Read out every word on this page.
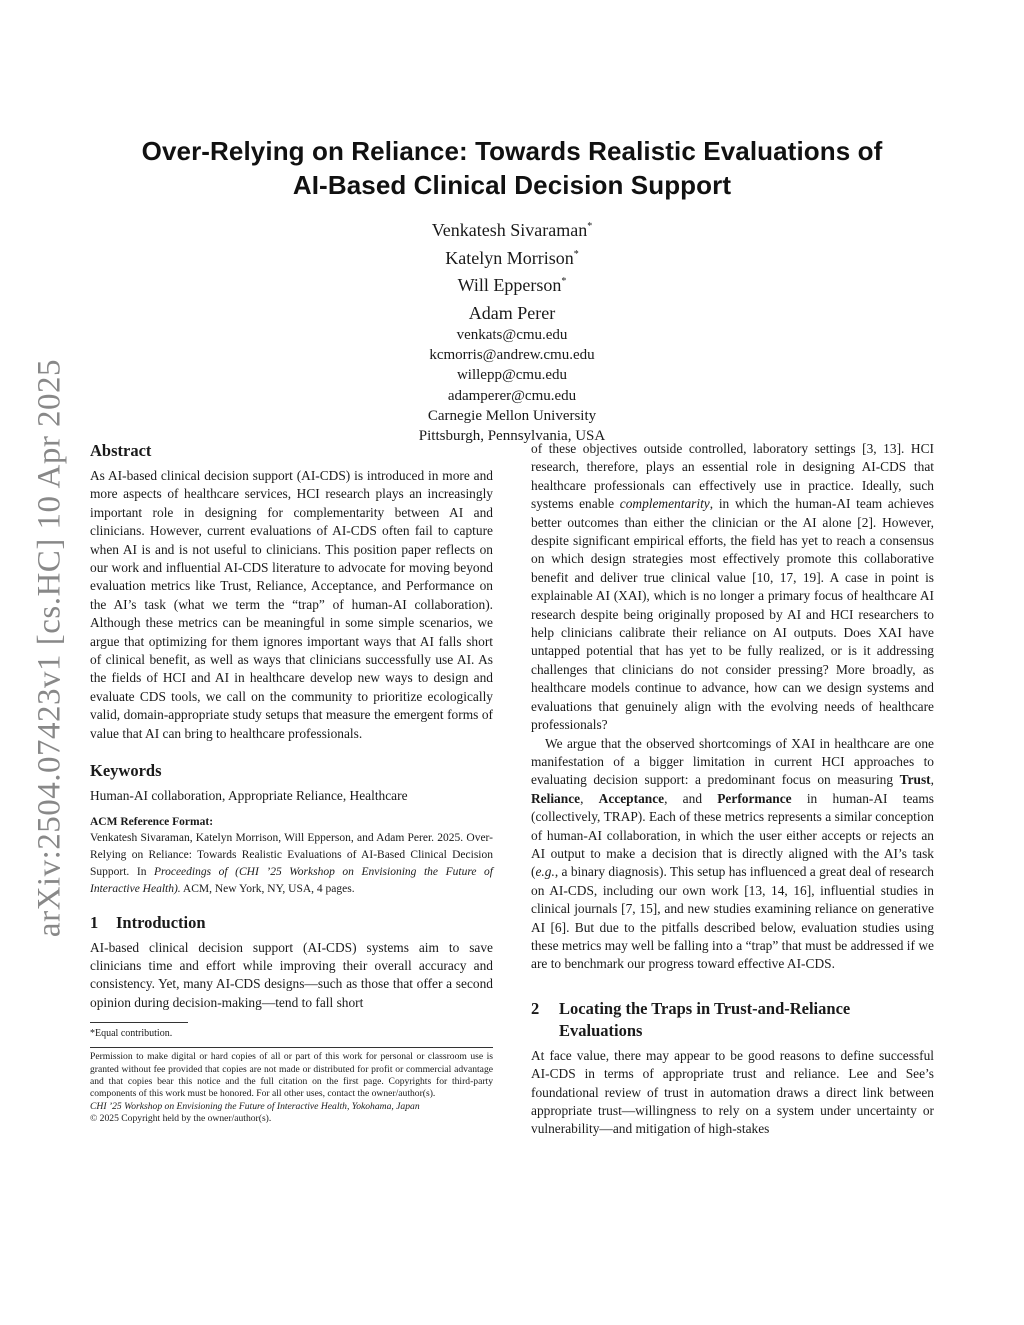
arXiv:2504.07423v1 [cs.HC] 10 Apr 2025
Over-Relying on Reliance: Towards Realistic Evaluations of
AI-Based Clinical Decision Support
Venkatesh Sivaraman*
Katelyn Morrison*
Will Epperson*
Adam Perer
venkats@cmu.edu
kcmorris@andrew.cmu.edu
willepp@cmu.edu
adamperer@cmu.edu
Carnegie Mellon University
Pittsburgh, Pennsylvania, USA
Abstract

As AI-based clinical decision support (AI-CDS) is introduced in more and more aspects of healthcare services, HCI research plays an increasingly important role in designing for complementarity between AI and clinicians. However, current evaluations of AI-CDS often fail to capture when AI is and is not useful to clinicians. This position paper reflects on our work and influential AI-CDS literature to advocate for moving beyond evaluation metrics like Trust, Reliance, Acceptance, and Performance on the AI’s task (what we term the “trap” of human-AI collaboration). Although these metrics can be meaningful in some simple scenarios, we argue that optimizing for them ignores important ways that AI falls short of clinical benefit, as well as ways that clinicians successfully use AI. As the fields of HCI and AI in healthcare develop new ways to design and evaluate CDS tools, we call on the community to prioritize ecologically valid, domain-appropriate study setups that measure the emergent forms of value that AI can bring to healthcare professionals.

Keywords

Human-AI collaboration, Appropriate Reliance, Healthcare

ACM Reference Format:

Venkatesh Sivaraman, Katelyn Morrison, Will Epperson, and Adam Perer. 2025. Over-Relying on Reliance: Towards Realistic Evaluations of AI-Based Clinical Decision Support. In Proceedings of (CHI ’25 Workshop on Envisioning the Future of Interactive Health). ACM, New York, NY, USA, 4 pages.

1 Introduction

AI-based clinical decision support (AI-CDS) systems aim to save clinicians time and effort while improving their overall accuracy and consistency. Yet, many AI-CDS designs—such as those that offer a second opinion during decision-making—tend to fall short

*Equal contribution.

Permission to make digital or hard copies of all or part of this work for personal or classroom use is granted without fee provided that copies are not made or distributed for profit or commercial advantage and that copies bear this notice and the full citation on the first page. Copyrights for third-party components of this work must be honored. For all other uses, contact the owner/author(s).
CHI ’25 Workshop on Envisioning the Future of Interactive Health, Yokohama, Japan
© 2025 Copyright held by the owner/author(s).

of these objectives outside controlled, laboratory settings [3, 13]. HCI research, therefore, plays an essential role in designing AI-CDS that healthcare professionals can effectively use in practice. Ideally, such systems enable complementarity, in which the human-AI team achieves better outcomes than either the clinician or the AI alone [2]. However, despite significant empirical efforts, the field has yet to reach a consensus on which design strategies most effectively promote this collaborative benefit and deliver true clinical value [10, 17, 19]. A case in point is explainable AI (XAI), which is no longer a primary focus of healthcare AI research despite being originally proposed by AI and HCI researchers to help clinicians calibrate their reliance on AI outputs. Does XAI have untapped potential that has yet to be fully realized, or is it addressing challenges that clinicians do not consider pressing? More broadly, as healthcare models continue to advance, how can we design systems and evaluations that genuinely align with the evolving needs of healthcare professionals?

We argue that the observed shortcomings of XAI in healthcare are one manifestation of a bigger limitation in current HCI approaches to evaluating decision support: a predominant focus on measuring Trust, Reliance, Acceptance, and Performance in human-AI teams (collectively, TRAP). Each of these metrics represents a similar conception of human-AI collaboration, in which the user either accepts or rejects an AI output to make a decision that is directly aligned with the AI’s task (e.g., a binary diagnosis). This setup has influenced a great deal of research on AI-CDS, including our own work [13, 14, 16], influential studies in clinical journals [7, 15], and new studies examining reliance on generative AI [6]. But due to the pitfalls described below, evaluation studies using these metrics may well be falling into a “trap” that must be addressed if we are to benchmark our progress toward effective AI-CDS.

2	Locating the Traps in Trust-and-Reliance Evaluations

At face value, there may appear to be good reasons to define successful AI-CDS in terms of appropriate trust and reliance. Lee and See’s foundational review of trust in automation draws a direct link between appropriate trust—willingness to rely on a system under uncertainty or vulnerability—and mitigation of high-stakes
